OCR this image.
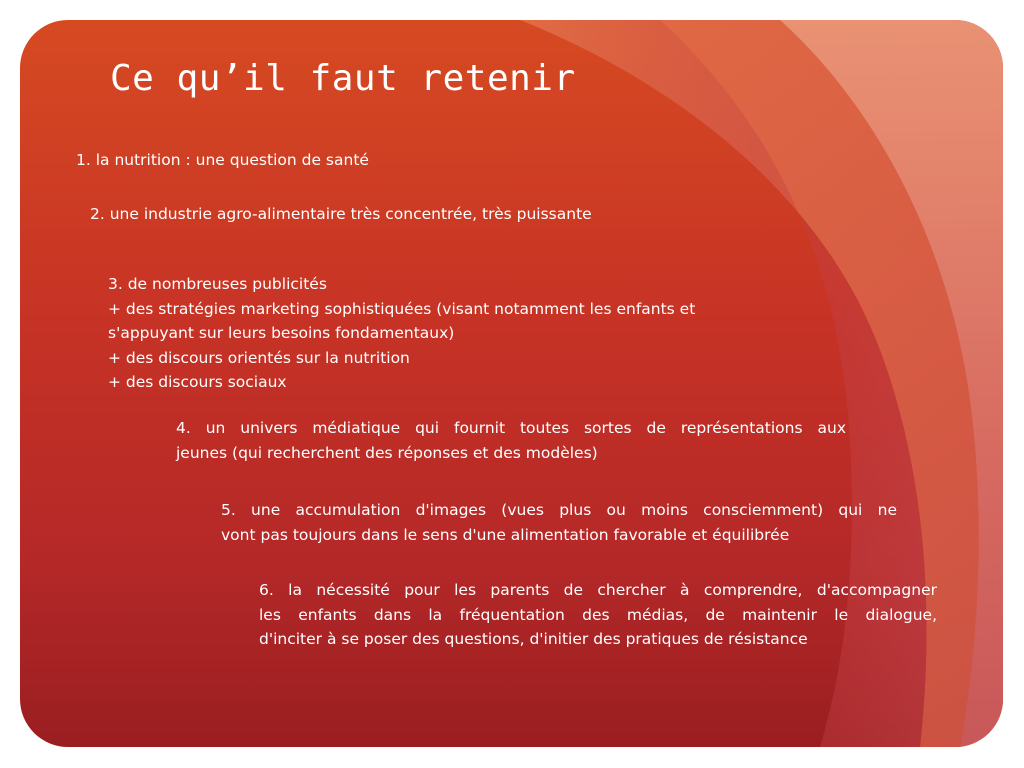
Ce qu’il faut retenir
1. la nutrition : une question de santé
2. une industrie agro-alimentaire très concentrée, très puissante
3. de nombreuses publicités
+ des stratégies marketing sophistiquées (visant notamment les enfants et
s'appuyant sur leurs besoins fondamentaux)
+ des discours orientés sur la nutrition
+ des discours sociaux
4. un univers médiatique qui fournit toutes sortes de représentations aux
jeunes (qui recherchent des réponses et des modèles)
5. une accumulation d'images (vues plus ou moins consciemment) qui ne
vont pas toujours dans le sens d'une alimentation favorable et équilibrée
6. la nécessité pour les parents de chercher à comprendre, d'accompagner
les enfants dans la fréquentation des médias, de maintenir le dialogue,
d'inciter à se poser des questions, d'initier des pratiques de résistance
